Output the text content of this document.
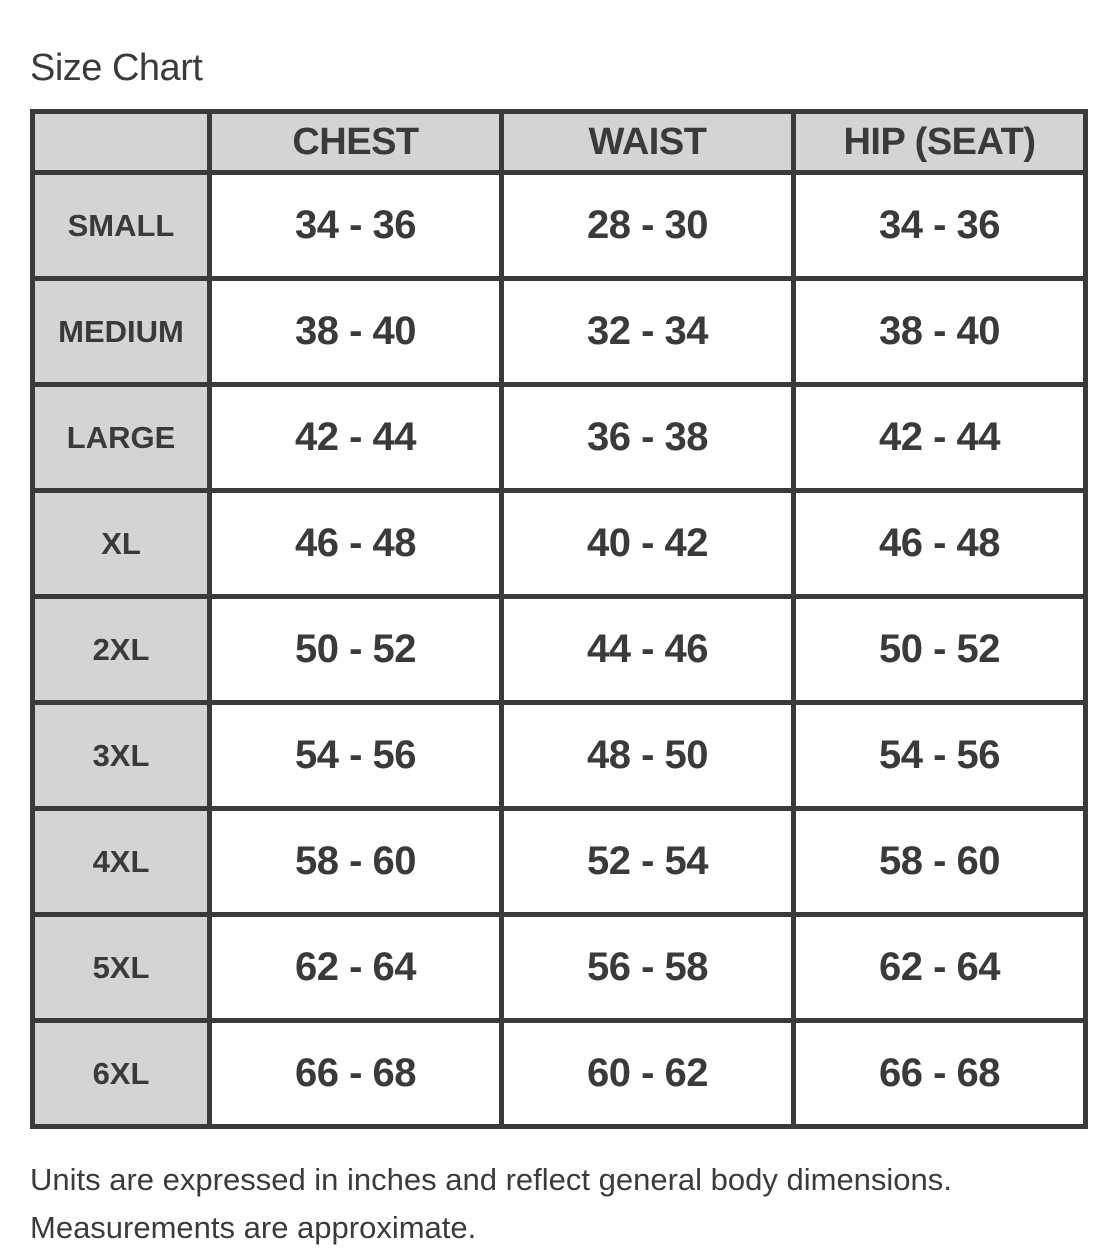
Size Chart
	CHEST	WAIST	HIP (SEAT)
SMALL	34 - 36	28 - 30	34 - 36
MEDIUM	38 - 40	32 - 34	38 - 40
LARGE	42 - 44	36 - 38	42 - 44
XL	46 - 48	40 - 42	46 - 48
2XL	50 - 52	44 - 46	50 - 52
3XL	54 - 56	48 - 50	54 - 56
4XL	58 - 60	52 - 54	58 - 60
5XL	62 - 64	56 - 58	62 - 64
6XL	66 - 68	60 - 62	66 - 68
Units are expressed in inches and reflect general body dimensions.
Measurements are approximate.
